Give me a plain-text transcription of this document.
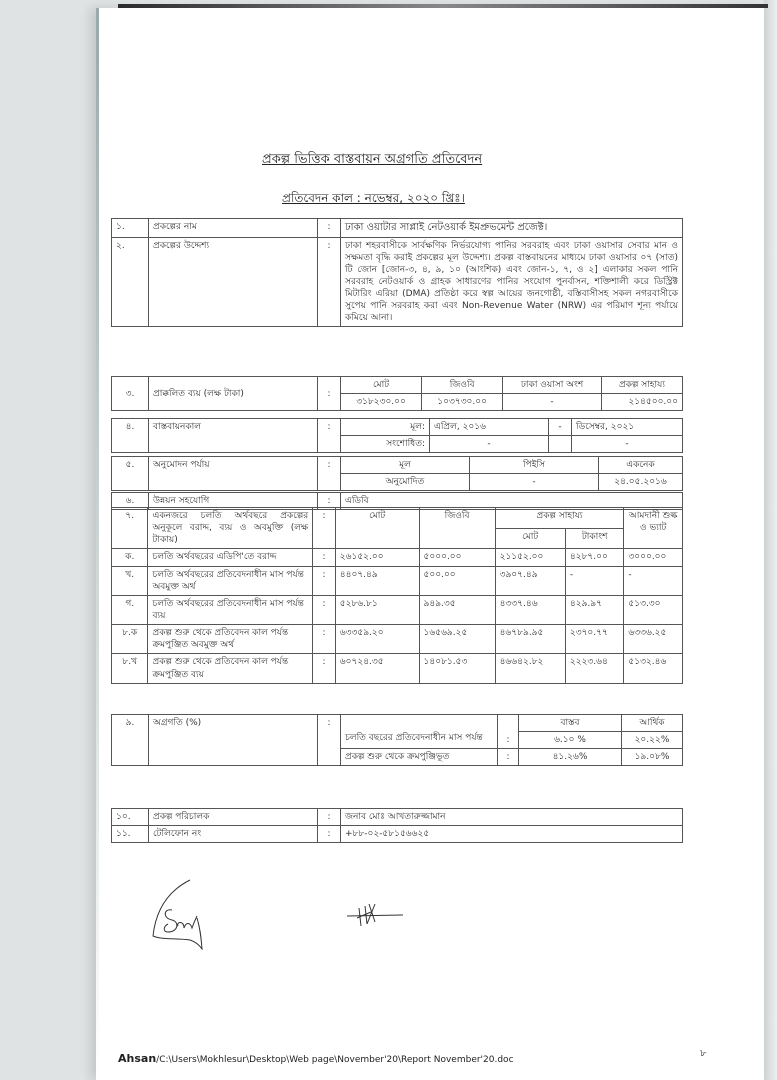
প্রকল্প ভিত্তিক বাস্তবায়ন অগ্রগতি প্রতিবেদন
প্রতিবেদন কাল : নভেম্বর, ২০২০ খ্রিঃ।
১.	প্রকল্পের নাম	:	ঢাকা ওয়াটার সাপ্লাই নেটওয়ার্ক ইমপ্রুভমেন্ট প্রজেক্ট।
২.	প্রকল্পের উদ্দেশ্য	:	ঢাকা শহরবাসীকে সার্বক্ষণিক নির্ভরযোগ্য পানির সরবরাহ এবং ঢাকা ওয়াসার সেবার মান ও সক্ষমতা বৃদ্ধি করাই প্রকল্পের মূল উদ্দেশ্য। প্রকল্প বাস্তবায়নের মাধ্যমে ঢাকা ওয়াসার ০৭ (সাত) টি জোন [জোন-৩, ৪, ৯, ১০ (আংশিক) এবং জোন-১, ৭, ও ২] এলাকার সকল পানি সরবরাহ নেটওয়ার্ক ও গ্রাহক সাধারণের পানির সংযোগ পুনর্বাসন, শক্তিশালী করে ডিস্ট্রিক্ট মিটারিং এরিয়া (DMA) প্রতিষ্ঠা করে স্বল্প আয়ের জনগোষ্ঠী, বস্তিবাসীসহ সকল নগরবাসীকে সুপেয় পানি সরবরাহ করা এবং Non-Revenue Water (NRW) এর পরিমাণ শূন্য পর্যায়ে কমিয়ে আনা।
৩.	প্রাক্কলিত ব্যয় (লক্ষ টাকা)	:	মোট	জিওবি	ঢাকা ওয়াসা অংশ	প্রকল্প সাহায্য
			৩১৮২৩০.০০	১০৩৭৩০.০০	-	২১৪৫০০.০০
৪.	বাস্তবায়নকাল	:	মূল:	এপ্রিল, ২০১৬	-	ডিসেম্বর, ২০২১
			সংশোধিত:	-		-
৫.	অনুমোদন পর্যায়	:	মূল	পিইসি	একনেক
			অনুমোদিত	-	২৪.০৫.২০১৬
৬.	উন্নয়ন সহযোগি	:	এডিবি
৭.	একনজরে চলতি অর্থবছরে প্রকল্পের অনুকূলে বরাদ্দ, ব্যয় ও অবমুক্তি (লক্ষ টাকায়)	:	মোট	জিওবি	প্রকল্প সাহায্য		আমদানী শুল্ক ও ভ্যাট
					মোট	টাকাংশ	
ক.	চলতি অর্থবছরের এডিপি'তে বরাদ্দ	:	২৬১৫২.০০	৫০০০.০০	২১১৫২.০০	৪২৮৭.০০	৩০০০.০০
খ.	চলতি অর্থবছরের প্রতিবেদনাধীন মাস পর্যন্ত অবমুক্ত অর্থ	:	৪৪০৭.৪৯	৫০০.০০	৩৯০৭.৪৯	-	-
গ.	চলতি অর্থবছরের প্রতিবেদনাধীন মাস পর্যন্ত ব্যয়	:	৫২৮৬.৮১	৯৪৯.৩৫	৪৩৩৭.৪৬	৪২৯.৯৭	৫১৩.৩০
৮.ক	প্রকল্প শুরু থেকে প্রতিবেদন কাল পর্যন্ত ক্রমপুঞ্জিত অবমুক্ত অর্থ	:	৬৩৩৫৯.২০	১৬৫৬৯.২৫	৪৬৭৮৯.৯৫	২৩৭০.৭৭	৬৩৩৬.২৫
৮.খ	প্রকল্প শুরু থেকে প্রতিবেদন কাল পর্যন্ত ক্রমপুঞ্জিত ব্যয়	:	৬০৭২৪.৩৫	১৪০৮১.৫৩	৪৬৬৪২.৮২	২২২৩.৬৪	৫১৩২.৪৬
৯.	অগ্রগতি (%)	:			বাস্তব	আর্থিক
			চলতি বছরের প্রতিবেদনাধীন মাস পর্যন্ত	:	৬.১০ %	২০.২২%
			প্রকল্প শুরু থেকে ক্রমপুঞ্জিভূত	:	৪১.২৬%	১৯.০৮%
১০.	প্রকল্প পরিচালক	:	জনাব মোঃ আখতারুজ্জামান
১১.	টেলিফোন নং	:	+৮৮-০২-৫৮১৫৬৬২৫
Ahsan/C:\Users\Mokhlesur\Desktop\Web page\November'20\Report November'20.doc
৮
